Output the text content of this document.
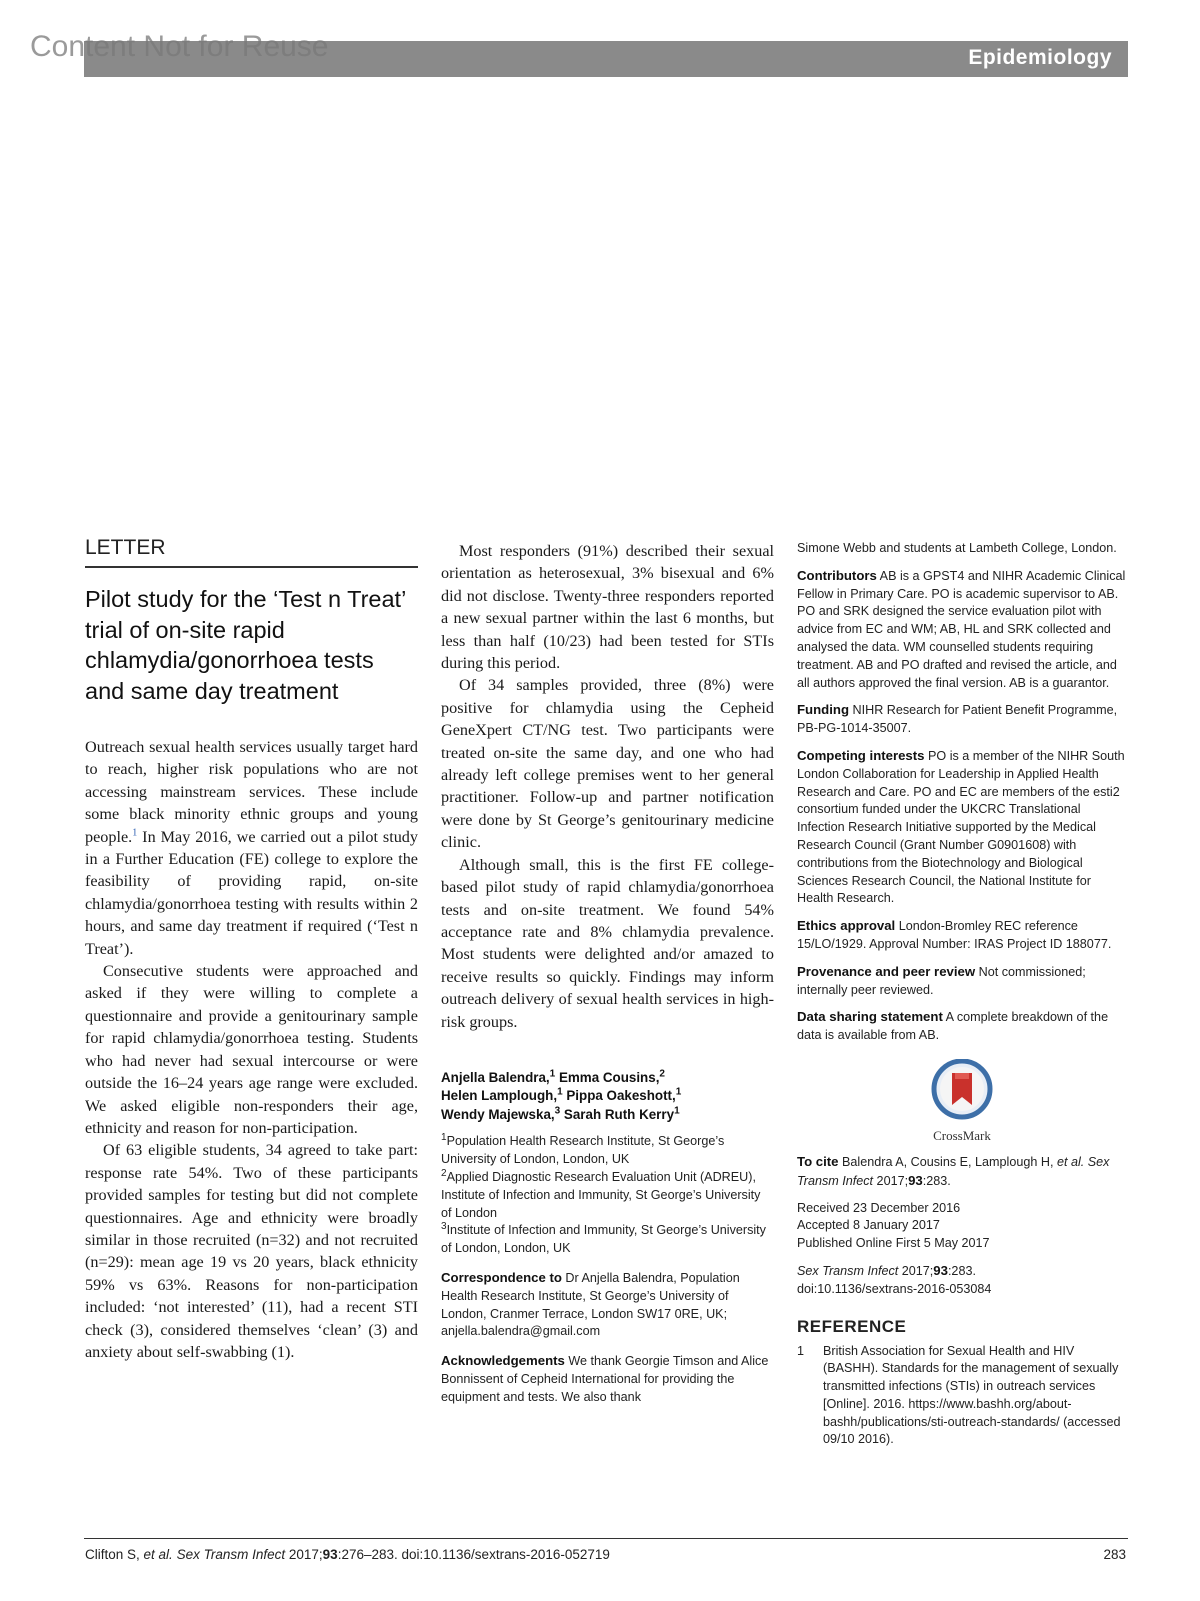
Content Not for Reuse	Epidemiology
LETTER
Pilot study for the ‘Test n Treat’ trial of on-site rapid chlamydia/gonorrhoea tests and same day treatment

Outreach sexual health services usually target hard to reach, higher risk populations who are not accessing mainstream services. These include some black minority ethnic groups and young people.$^1$ In May 2016, we carried out a pilot study in a Further Education (FE) college to explore the feasibility of providing rapid, on-site chlamydia/gonorrhoea testing with results within 2 hours, and same day treatment if required (‘Test n Treat’).

Consecutive students were approached and asked if they were willing to complete a questionnaire and provide a genitourinary sample for rapid chlamydia/gonorrhoea testing. Students who had never had sexual intercourse or were outside the 16–24 years age range were excluded. We asked eligible non-responders their age, ethnicity and reason for non-participation.

Of 63 eligible students, 34 agreed to take part: response rate 54%. Two of these participants provided samples for testing but did not complete questionnaires. Age and ethnicity were broadly similar in those recruited (n=32) and not recruited (n=29): mean age 19 vs 20 years, black ethnicity 59% vs 63%. Reasons for non-participation included: ‘not interested’ (11), had a recent STI check (3), considered themselves ‘clean’ (3) and anxiety about self-swabbing (1).

Most responders (91%) described their sexual orientation as heterosexual, 3% bisexual and 6% did not disclose. Twenty-three responders reported a new sexual partner within the last 6 months, but less than half (10/23) had been tested for STIs during this period.

Of 34 samples provided, three (8%) were positive for chlamydia using the Cepheid GeneXpert CT/NG test. Two participants were treated on-site the same day, and one who had already left college premises went to her general practitioner. Follow-up and partner notification were done by St George’s genitourinary medicine clinic.

Although small, this is the first FE college-based pilot study of rapid chlamydia/gonorrhoea tests and on-site treatment. We found 54% acceptance rate and 8% chlamydia prevalence. Most students were delighted and/or amazed to receive results so quickly. Findings may inform outreach delivery of sexual health services in high-risk groups.

Anjella Balendra,$^1$ Emma Cousins,$^2$
Helen Lamplough,$^1$ Pippa Oakeshott,$^1$
Wendy Majewska,$^3$ Sarah Ruth Kerry$^1$
$^1$Population Health Research Institute, St George’s University of London, London, UK
$^2$Applied Diagnostic Research Evaluation Unit (ADREU), Institute of Infection and Immunity, St George’s University of London
$^3$Institute of Infection and Immunity, St George’s University of London, London, UK
Correspondence to Dr Anjella Balendra, Population Health Research Institute, St George’s University of London, Cranmer Terrace, London SW17 0RE, UK; anjella.balendra@gmail.com
Acknowledgements We thank Georgie Timson and Alice Bonnissent of Cepheid International for providing the equipment and tests. We also thank
Simone Webb and students at Lambeth College, London.
Contributors AB is a GPST4 and NIHR Academic Clinical Fellow in Primary Care. PO is academic supervisor to AB. PO and SRK designed the service evaluation pilot with advice from EC and WM; AB, HL and SRK collected and analysed the data. WM counselled students requiring treatment. AB and PO drafted and revised the article, and all authors approved the final version. AB is a guarantor.
Funding NIHR Research for Patient Benefit Programme, PB-PG-1014-35007.
Competing interests PO is a member of the NIHR South London Collaboration for Leadership in Applied Health Research and Care. PO and EC are members of the esti2 consortium funded under the UKCRC Translational Infection Research Initiative supported by the Medical Research Council (Grant Number G0901608) with contributions from the Biotechnology and Biological Sciences Research Council, the National Institute for Health Research.
Ethics approval London-Bromley REC reference 15/LO/1929. Approval Number: IRAS Project ID 188077.
Provenance and peer review Not commissioned; internally peer reviewed.
Data sharing statement A complete breakdown of the data is available from AB.
CrossMark
To cite Balendra A, Cousins E, Lamplough H, et al. Sex Transm Infect 2017;93:283.
Received 23 December 2016
Accepted 8 January 2017
Published Online First 5 May 2017
Sex Transm Infect 2017;93:283.
doi:10.1136/sextrans-2016-053084
REFERENCE
1	British Association for Sexual Health and HIV (BASHH). Standards for the management of sexually transmitted infections (STIs) in outreach services [Online]. 2016. https://www.bashh.org/about-bashh/publications/sti-outreach-standards/ (accessed 09/10 2016).
Clifton S, et al. Sex Transm Infect 2017;93:276–283. doi:10.1136/sextrans-2016-052719	283
